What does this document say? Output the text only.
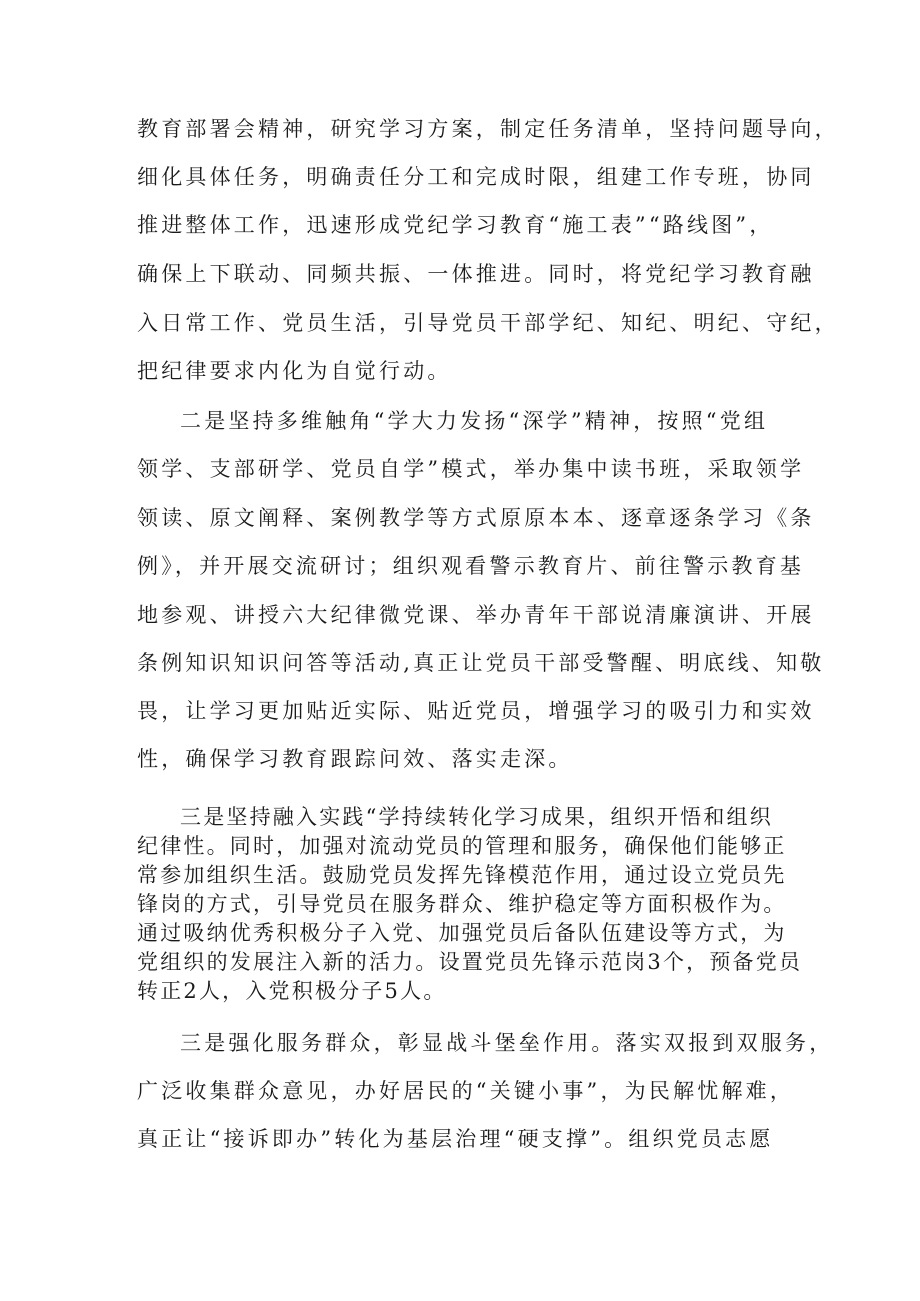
教育部署会精神，研究学习方案，制定任务清单，坚持问题导向，
细化具体任务，明确责任分工和完成时限，组建工作专班，协同
推进整体工作，迅速形成党纪学习教育“施工表”“路线图”，
确保上下联动、同频共振、一体推进。同时，将党纪学习教育融
入日常工作、党员生活，引导党员干部学纪、知纪、明纪、守纪，
把纪律要求内化为自觉行动。
二是坚持多维触角“学大力发扬“深学”精神，按照“党组
领学、支部研学、党员自学”模式，举办集中读书班，采取领学
领读、原文阐释、案例教学等方式原原本本、逐章逐条学习《条
例》，并开展交流研讨；组织观看警示教育片、前往警示教育基
地参观、讲授六大纪律微党课、举办青年干部说清廉演讲、开展
条例知识知识问答等活动,真正让党员干部受警醒、明底线、知敬
畏，让学习更加贴近实际、贴近党员，增强学习的吸引力和实效
性，确保学习教育跟踪问效、落实走深。
三是坚持融入实践“学持续转化学习成果，组织开悟和组织
纪律性。同时，加强对流动党员的管理和服务，确保他们能够正
常参加组织生活。鼓励党员发挥先锋模范作用，通过设立党员先
锋岗的方式，引导党员在服务群众、维护稳定等方面积极作为。
通过吸纳优秀积极分子入党、加强党员后备队伍建设等方式，为
党组织的发展注入新的活力。设置党员先锋示范岗3个，预备党员
转正2人，入党积极分子5人。
三是强化服务群众，彰显战斗堡垒作用。落实双报到双服务，
广泛收集群众意见，办好居民的“关键小事”，为民解忧解难，
真正让“接诉即办”转化为基层治理“硬支撑”。组织党员志愿
